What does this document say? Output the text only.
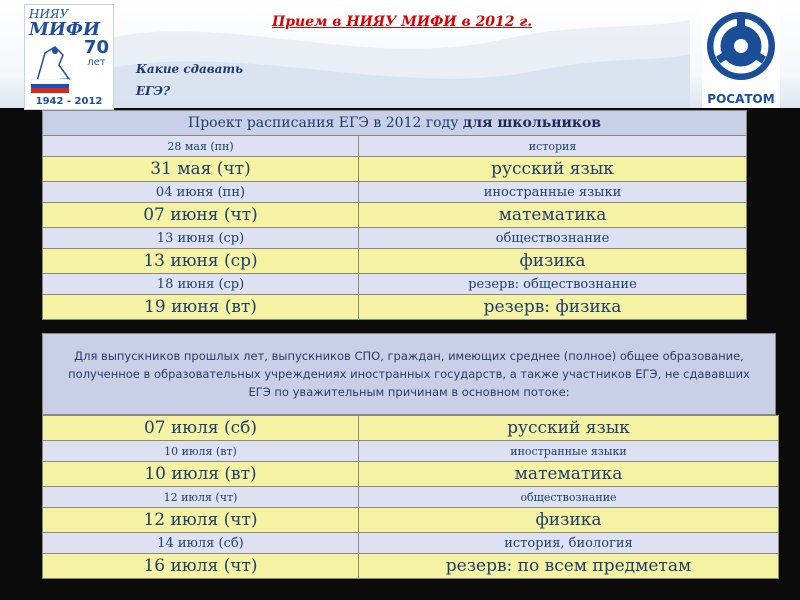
НИЯУ
МИФИ
70
лет
1942 - 2012
Прием в НИЯУ МИФИ в 2012 г.
Какие сдавать
ЕГЭ?
РОСАТОМ
Проект расписания ЕГЭ в 2012 году для школьников	
28 мая (пн)	история
31 мая (чт)	русский язык
04 июня (пн)	иностранные языки
07 июня (чт)	математика
13 июня (ср)	обществознание
13 июня (ср)	физика
18 июня (ср)	резерв: обществознание
19 июня (вт)	резерв: физика
Для выпускников прошлых лет, выпускников СПО, граждан, имеющих среднее (полное) общее образование, полученное в образовательных учреждениях иностранных государств, а также участников ЕГЭ, не сдававших ЕГЭ по уважительным причинам в основном потоке:
07 июля (сб)	русский язык
10 июля (вт)	иностранные языки
10 июля (вт)	математика
12 июля (чт)	обществознание
12 июля (чт)	физика
14 июля (сб)	история, биология
16 июля (чт)	резерв: по всем предметам
